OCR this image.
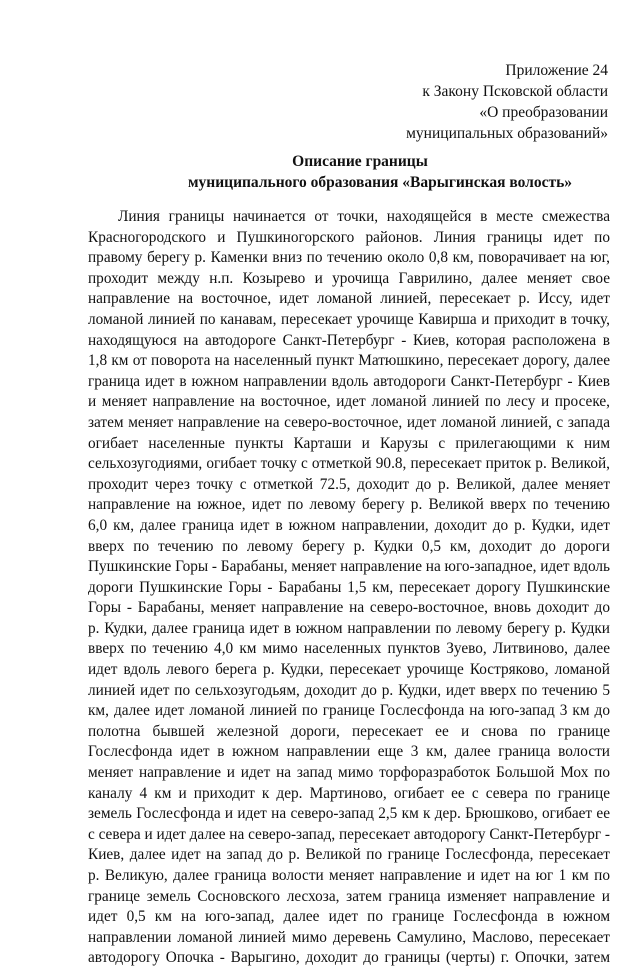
Приложение 24
к Закону Псковской области
«О преобразовании
муниципальных образований»
Описание границы
муниципального образования «Варыгинская волость»
Линия границы начинается от точки, находящейся в месте смежества
Красногородского и Пушкиногорского районов. Линия границы идет по
правому берегу р. Каменки вниз по течению около 0,8 км, поворачивает на юг,
проходит между н.п. Козырево и урочища Гаврилино, далее меняет свое
направление на восточное, идет ломаной линией, пересекает р. Иссу, идет
ломаной линией по канавам, пересекает урочище Кавирша и приходит в точку,
находящуюся на автодороге Санкт-Петербург - Киев, которая расположена в
1,8 км от поворота на населенный пункт Матюшкино, пересекает дорогу, далее
граница идет в южном направлении вдоль автодороги Санкт-Петербург - Киев
и меняет направление на восточное, идет ломаной линией по лесу и просеке,
затем меняет направление на северо-восточное, идет ломаной линией, с запада
огибает населенные пункты Карташи и Карузы с прилегающими к ним
сельхозугодиями, огибает точку с отметкой 90.8, пересекает приток р. Великой,
проходит через точку с отметкой 72.5, доходит до р. Великой, далее меняет
направление на южное, идет по левому берегу р. Великой вверх по течению
6,0 км, далее граница идет в южном направлении, доходит до р. Кудки, идет
вверх по течению по левому берегу р. Кудки 0,5 км, доходит до дороги
Пушкинские Горы - Барабаны, меняет направление на юго-западное, идет вдоль
дороги Пушкинские Горы - Барабаны 1,5 км, пересекает дорогу Пушкинские
Горы - Барабаны, меняет направление на северо-восточное, вновь доходит до
р. Кудки, далее граница идет в южном направлении по левому берегу р. Кудки
вверх по течению 4,0 км мимо населенных пунктов Зуево, Литвиново, далее
идет вдоль левого берега р. Кудки, пересекает урочище Костряково, ломаной
линией идет по сельхозугодьям, доходит до р. Кудки, идет вверх по течению 5
км, далее идет ломаной линией по границе Гослесфонда на юго-запад 3 км до
полотна бывшей железной дороги, пересекает ее и снова по границе
Гослесфонда идет в южном направлении еще 3 км, далее граница волости
меняет направление и идет на запад мимо торфоразработок Большой Мох по
каналу 4 км и приходит к дер. Мартиново, огибает ее с севера по границе
земель Гослесфонда и идет на северо-запад 2,5 км к дер. Брюшково, огибает ее
с севера и идет далее на северо-запад, пересекает автодорогу Санкт-Петербург -
Киев, далее идет на запад до р. Великой по границе Гослесфонда, пересекает
р. Великую, далее граница волости меняет направление и идет на юг 1 км по
границе земель Сосновского лесхоза, затем граница изменяет направление и
идет 0,5 км на юго-запад, далее идет по границе Гослесфонда в южном
направлении ломаной линией мимо деревень Самулино, Маслово, пересекает
автодорогу Опочка - Варыгино, доходит до границы (черты) г. Опочки, затем
